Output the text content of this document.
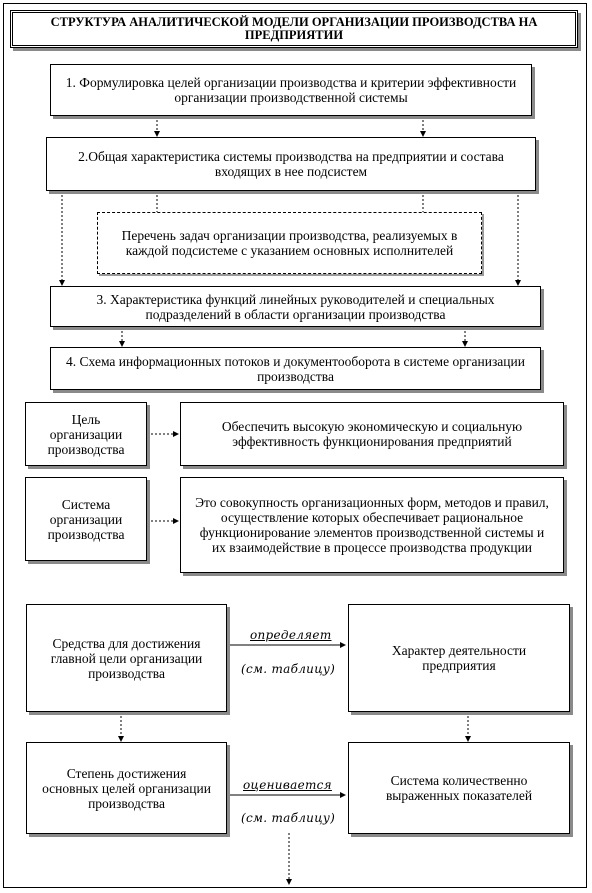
СТРУКТУРА АНАЛИТИЧЕСКОЙ МОДЕЛИ ОРГАНИЗАЦИИ ПРОИЗВОДСТВА НА ПРЕДПРИЯТИИ
1. Формулировка целей организации производства и критерии эффективности организации производственной системы
2.Общая характеристика системы производства на предприятии и состава входящих в нее подсистем
Перечень задач организации производства, реализуемых в каждой подсистеме с указанием основных исполнителей
3. Характеристика функций линейных руководителей и специальных подразделений в области организации производства
4. Схема информационных потоков и документооборота в системе организации производства
Цель организации производства
Обеспечить высокую экономическую и социальную эффективность функционирования предприятий
Система организации производства
Это совокупность организационных форм, методов и правил, осуществление которых обеспечивает рациональное функционирование элементов производственной системы и их взаимодействие в процессе производства продукции
Средства для достижения главной цели организации производства
Характер деятельности предприятия
Степень достижения основных целей организации производства
Система количественно выраженных показателей
определяет
(см. таблицу)
оценивается
(см. таблицу)
